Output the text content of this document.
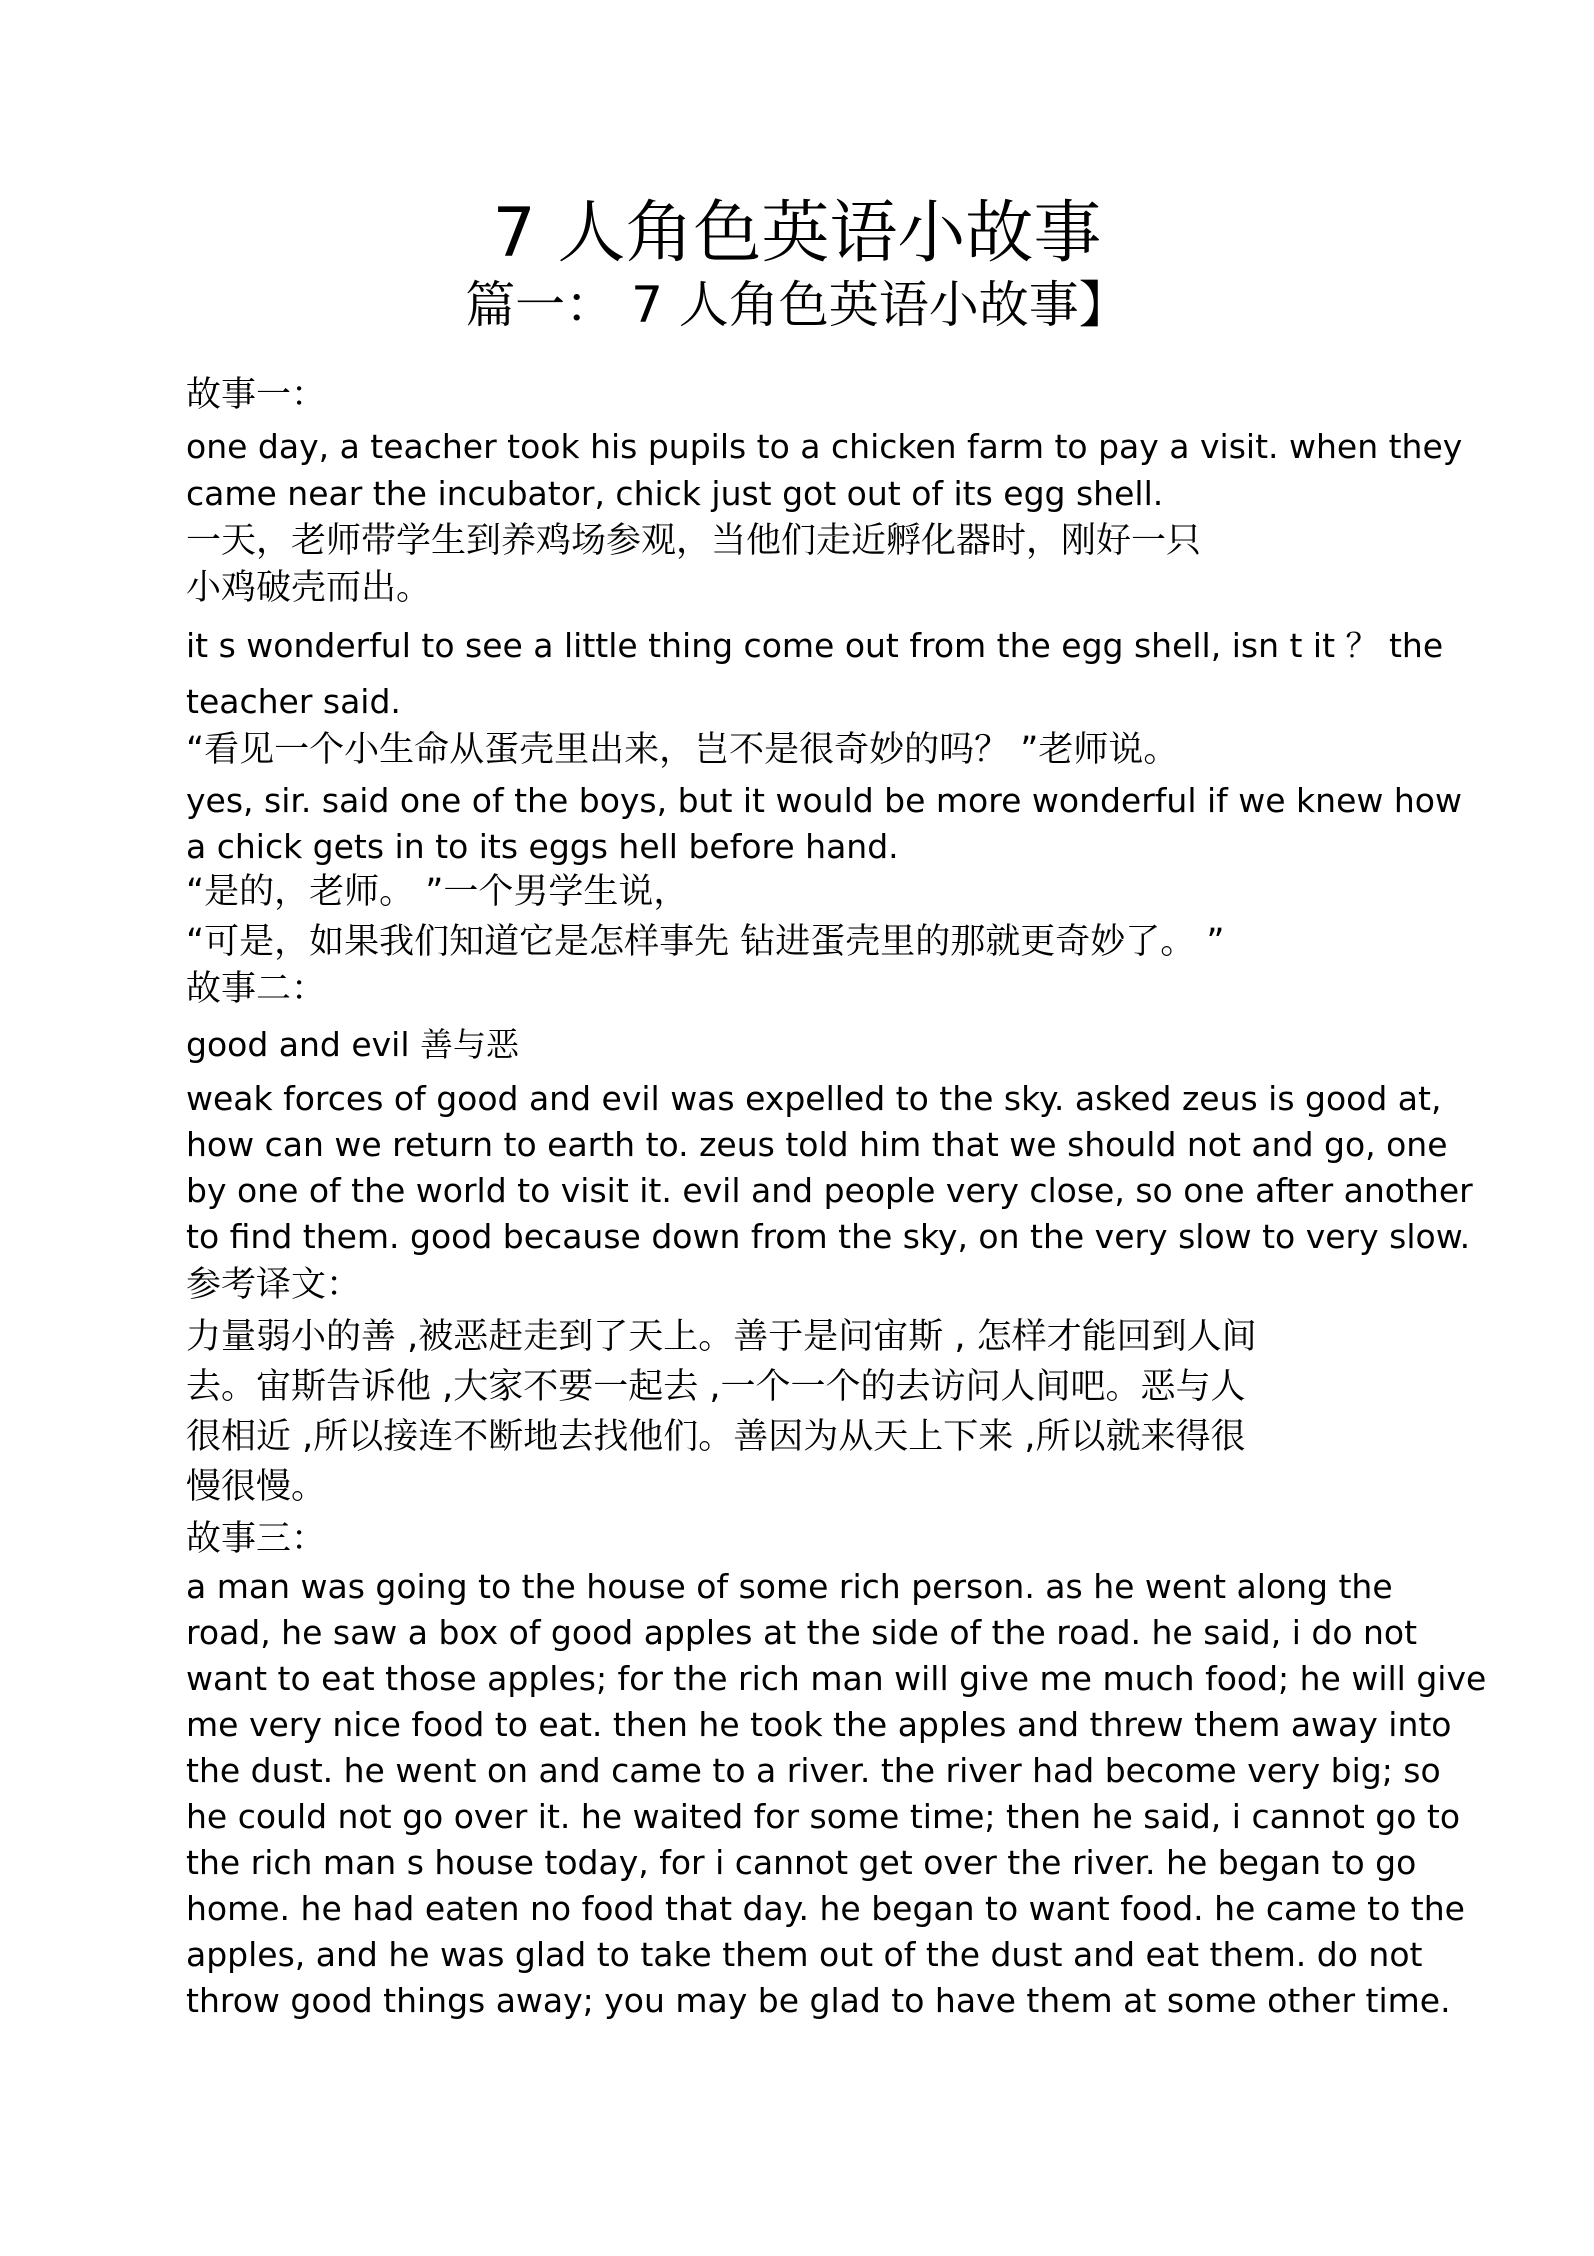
7 人角色英语小故事
篇一： 7 人角色英语小故事】
故事一：
one day, a teacher took his pupils to a chicken farm to pay a visit. when they
came near the incubator, chick just got out of its egg shell.
一天，老师带学生到养鸡场参观，当他们走近孵化器时，刚好一只
小鸡破壳而出。
it s wonderful to see a little thing come out from the egg shell, isn t it ？ the
teacher said.
“看见一个小生命从蛋壳里出来，岂不是很奇妙的吗？ ”老师说。
yes, sir. said one of the boys, but it would be more wonderful if we knew how
a chick gets in to its eggs hell before hand.
“是的，老师。 ”一个男学生说，
“可是，如果我们知道它是怎样事先 钻进蛋壳里的那就更奇妙了。 ”
故事二：
good and evil 善与恶
weak forces of good and evil was expelled to the sky. asked zeus is good at,
how can we return to earth to. zeus told him that we should not and go, one
by one of the world to visit it. evil and people very close, so one after another
to find them. good because down from the sky, on the very slow to very slow.
参考译文：
力量弱小的善 ,被恶赶走到了天上。善于是问宙斯 , 怎样才能回到人间
去。宙斯告诉他 ,大家不要一起去 ,一个一个的去访问人间吧。恶与人
很相近 ,所以接连不断地去找他们。善因为从天上下来 ,所以就来得很
慢很慢。
故事三：
a man was going to the house of some rich person. as he went along the
road, he saw a box of good apples at the side of the road. he said, i do not
want to eat those apples; for the rich man will give me much food; he will give
me very nice food to eat. then he took the apples and threw them away into
the dust. he went on and came to a river. the river had become very big; so
he could not go over it. he waited for some time; then he said, i cannot go to
the rich man s house today, for i cannot get over the river. he began to go
home. he had eaten no food that day. he began to want food. he came to the
apples, and he was glad to take them out of the dust and eat them. do not
throw good things away; you may be glad to have them at some other time.
